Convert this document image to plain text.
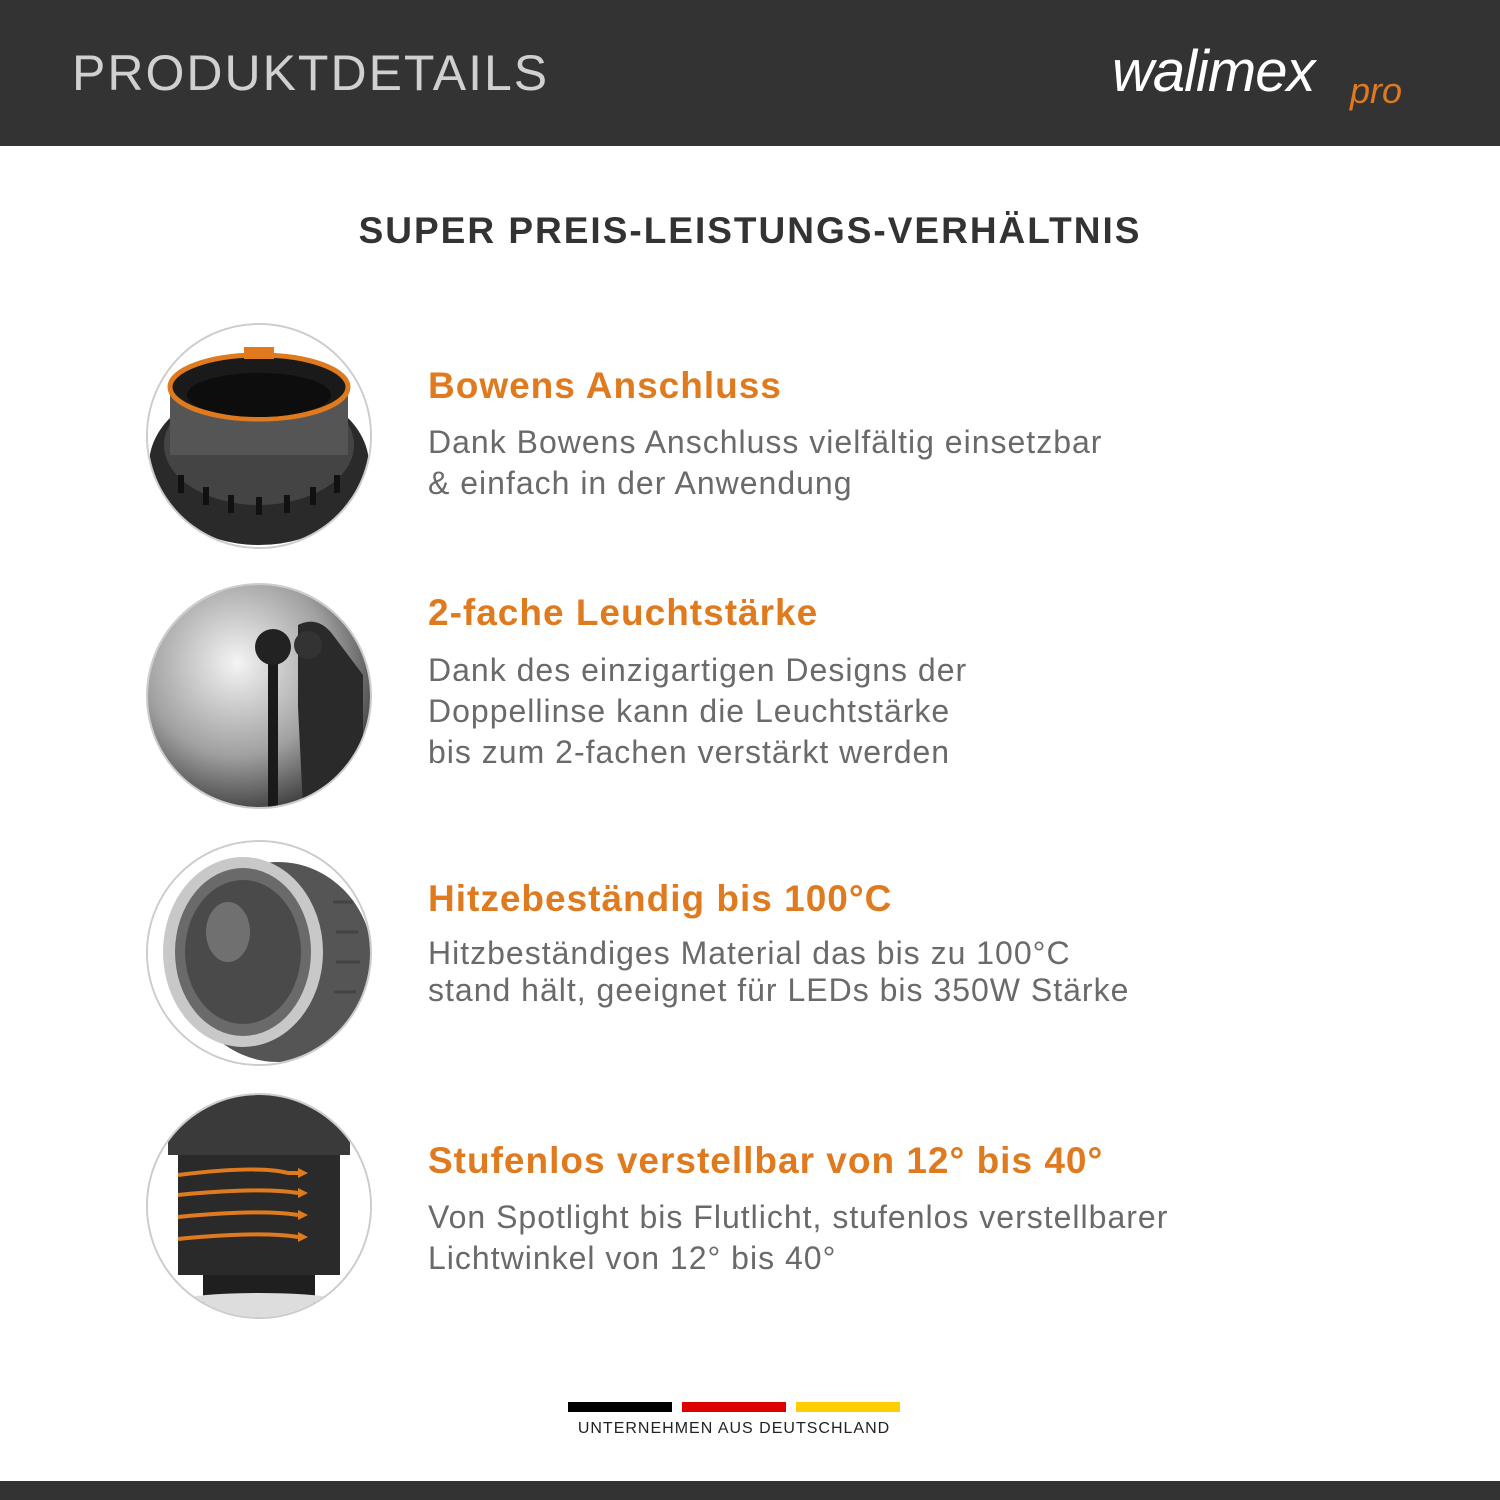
PRODUKTDETAILS	walimex pro
SUPER PREIS-LEISTUNGS-VERHÄLTNIS
Bowens Anschluss
Dank Bowens Anschluss vielfältig einsetzbar
& einfach in der Anwendung
2-fache Leuchtstärke
Dank des einzigartigen Designs der
Doppellinse kann die Leuchtstärke
bis zum 2-fachen verstärkt werden
Hitzebeständig bis 100°C
Hitzbeständiges Material das bis zu 100°C
stand hält, geeignet für LEDs bis 350W Stärke
Stufenlos verstellbar von 12° bis 40°
Von Spotlight bis Flutlicht, stufenlos verstellbarer
Lichtwinkel von 12° bis 40°
UNTERNEHMEN AUS DEUTSCHLAND
